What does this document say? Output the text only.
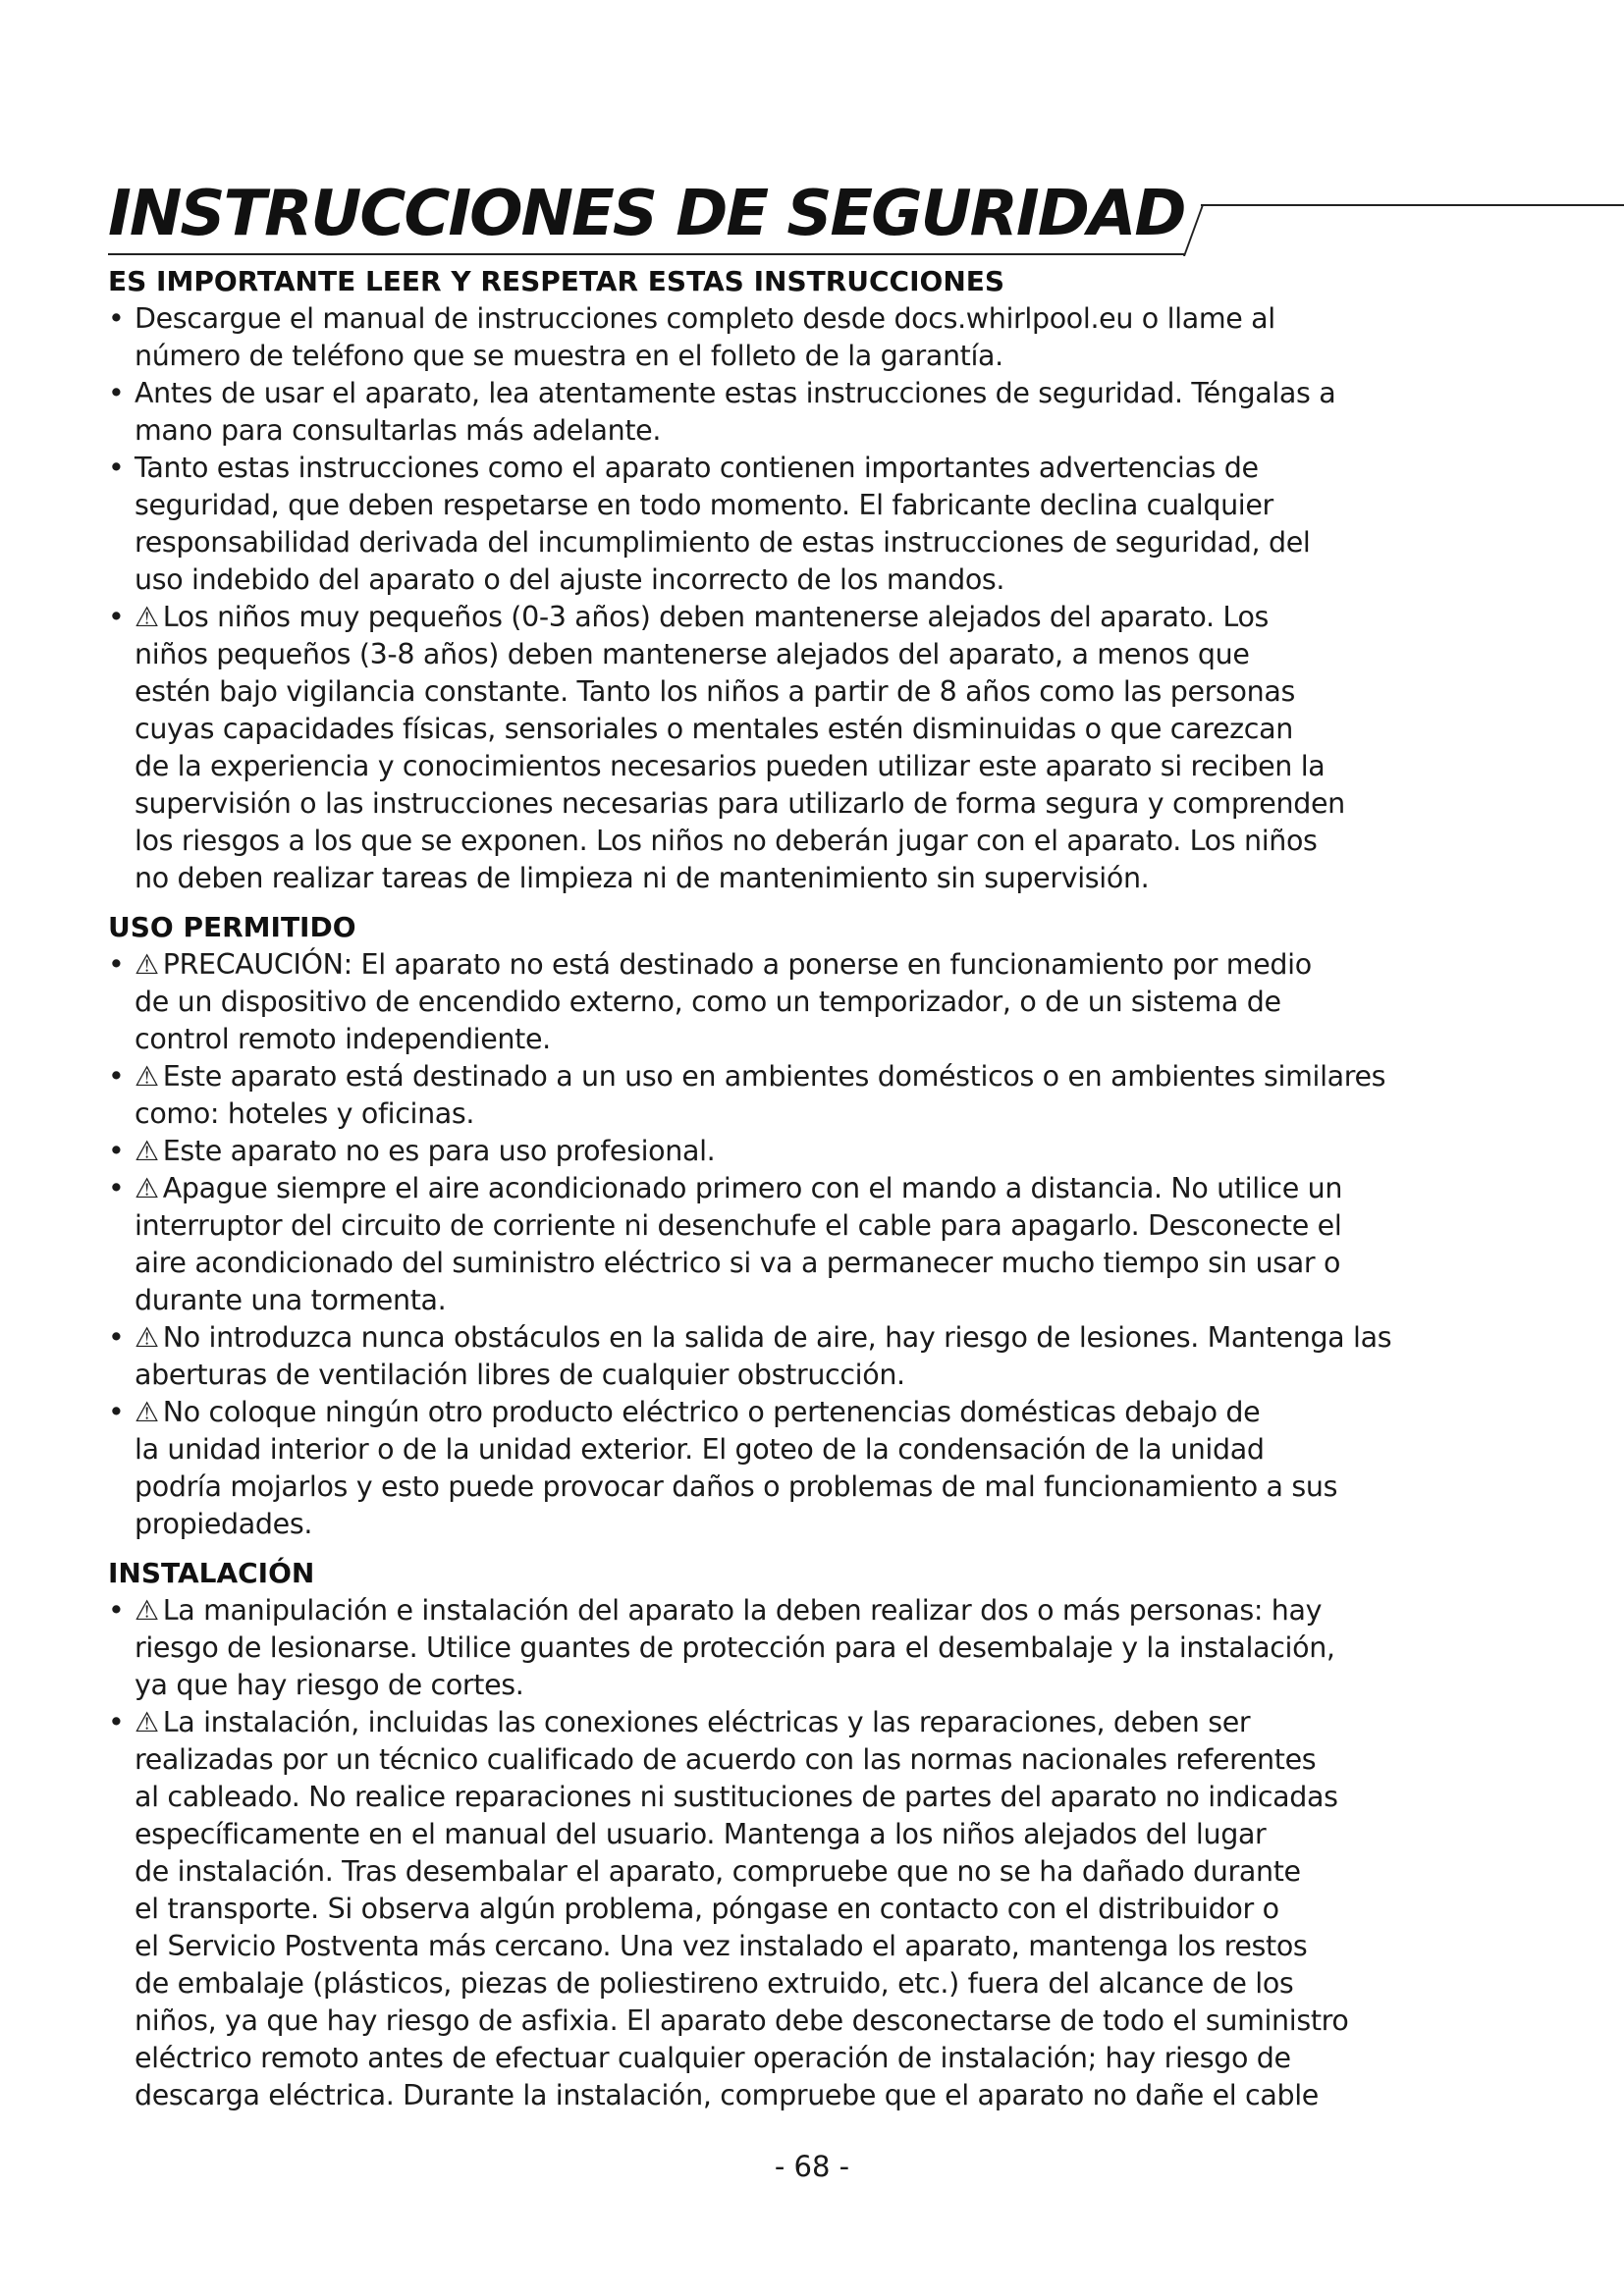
INSTRUCCIONES DE SEGURIDAD
ES IMPORTANTE LEER Y RESPETAR ESTAS INSTRUCCIONES
• Descargue el manual de instrucciones completo desde docs.whirlpool.eu o llame al
número de teléfono que se muestra en el folleto de la garantía.
• Antes de usar el aparato, lea atentamente estas instrucciones de seguridad. Téngalas a
mano para consultarlas más adelante.
• Tanto estas instrucciones como el aparato contienen importantes advertencias de
seguridad, que deben respetarse en todo momento. El fabricante declina cualquier
responsabilidad derivada del incumplimiento de estas instrucciones de seguridad, del
uso indebido del aparato o del ajuste incorrecto de los mandos.
• ⚠ Los niños muy pequeños (0-3 años) deben mantenerse alejados del aparato. Los
niños pequeños (3-8 años) deben mantenerse alejados del aparato, a menos que
estén bajo vigilancia constante. Tanto los niños a partir de 8 años como las personas
cuyas capacidades físicas, sensoriales o mentales estén disminuidas o que carezcan
de la experiencia y conocimientos necesarios pueden utilizar este aparato si reciben la
supervisión o las instrucciones necesarias para utilizarlo de forma segura y comprenden
los riesgos a los que se exponen. Los niños no deberán jugar con el aparato. Los niños
no deben realizar tareas de limpieza ni de mantenimiento sin supervisión.
USO PERMITIDO
• ⚠ PRECAUCIÓN: El aparato no está destinado a ponerse en funcionamiento por medio
de un dispositivo de encendido externo, como un temporizador, o de un sistema de
control remoto independiente.
• ⚠ Este aparato está destinado a un uso en ambientes domésticos o en ambientes similares
como: hoteles y oficinas.
• ⚠ Este aparato no es para uso profesional.
• ⚠ Apague siempre el aire acondicionado primero con el mando a distancia. No utilice un
interruptor del circuito de corriente ni desenchufe el cable para apagarlo. Desconecte el
aire acondicionado del suministro eléctrico si va a permanecer mucho tiempo sin usar o
durante una tormenta.
• ⚠ No introduzca nunca obstáculos en la salida de aire, hay riesgo de lesiones. Mantenga las
aberturas de ventilación libres de cualquier obstrucción.
• ⚠ No coloque ningún otro producto eléctrico o pertenencias domésticas debajo de
la unidad interior o de la unidad exterior. El goteo de la condensación de la unidad
podría mojarlos y esto puede provocar daños o problemas de mal funcionamiento a sus
propiedades.
INSTALACIÓN
• ⚠ La manipulación e instalación del aparato la deben realizar dos o más personas: hay
riesgo de lesionarse. Utilice guantes de protección para el desembalaje y la instalación,
ya que hay riesgo de cortes.
• ⚠ La instalación, incluidas las conexiones eléctricas y las reparaciones, deben ser
realizadas por un técnico cualificado de acuerdo con las normas nacionales referentes
al cableado. No realice reparaciones ni sustituciones de partes del aparato no indicadas
específicamente en el manual del usuario. Mantenga a los niños alejados del lugar
de instalación. Tras desembalar el aparato, compruebe que no se ha dañado durante
el transporte. Si observa algún problema, póngase en contacto con el distribuidor o
el Servicio Postventa más cercano. Una vez instalado el aparato, mantenga los restos
de embalaje (plásticos, piezas de poliestireno extruido, etc.) fuera del alcance de los
niños, ya que hay riesgo de asfixia. El aparato debe desconectarse de todo el suministro
eléctrico remoto antes de efectuar cualquier operación de instalación; hay riesgo de
descarga eléctrica. Durante la instalación, compruebe que el aparato no dañe el cable
- 68 -
